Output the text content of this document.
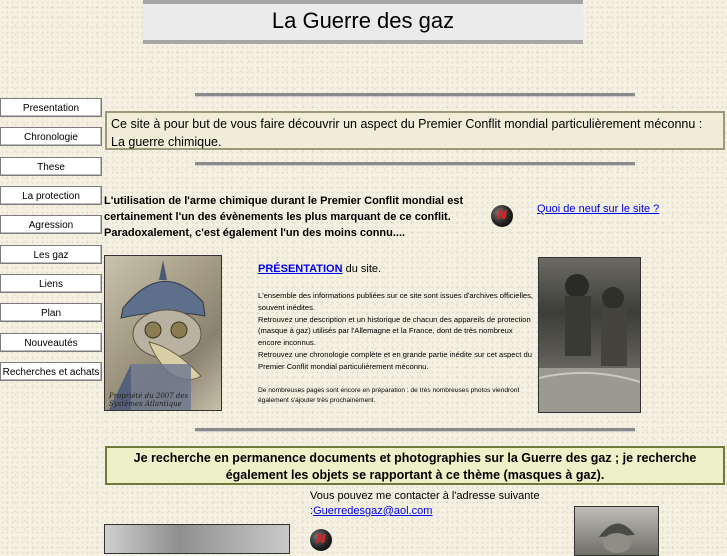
La Guerre des gaz
Presentation
Chronologie
These
La protection
Agression
Les gaz
Liens
Plan
Nouveautés
Recherches et achats
Ce site à pour but de vous faire découvrir un aspect du Premier Conflit mondial particulièrement méconnu : La guerre chimique.
L'utilisation de l'arme chimique durant le Premier Conflit mondial est certainement l'un des évènements les plus marquant de ce conflit. Paradoxalement, c'est également l'un des moins connu....
N	Quoi de neuf sur le site ?
Propriété du 2007 des Systèmes Atlantique
PRÉSENTATION du site.
L'ensemble des informations publiées sur ce site sont issues d'archives officielles, souvent inédites.
Retrouvez une description et un historique de chacun des appareils de protection (masque à gaz) utilisés par l'Allemagne et la France, dont de très nombreux encore inconnus.
Retrouvez une chronologie complète et en grande partie inédite sur cet aspect du Premier Conflit mondial particulièrement méconnu.
De nombreuses pages sont encore en préparation : de très nombreuses photos viendront également s'ajouter très prochainement.
Je recherche en permanence documents et photographies sur la Guerre des gaz ; je recherche également les objets se rapportant à ce thème (masques à gaz).
Vous pouvez me contacter à l'adresse suivante
:Guerredesgaz@aol.com
N
